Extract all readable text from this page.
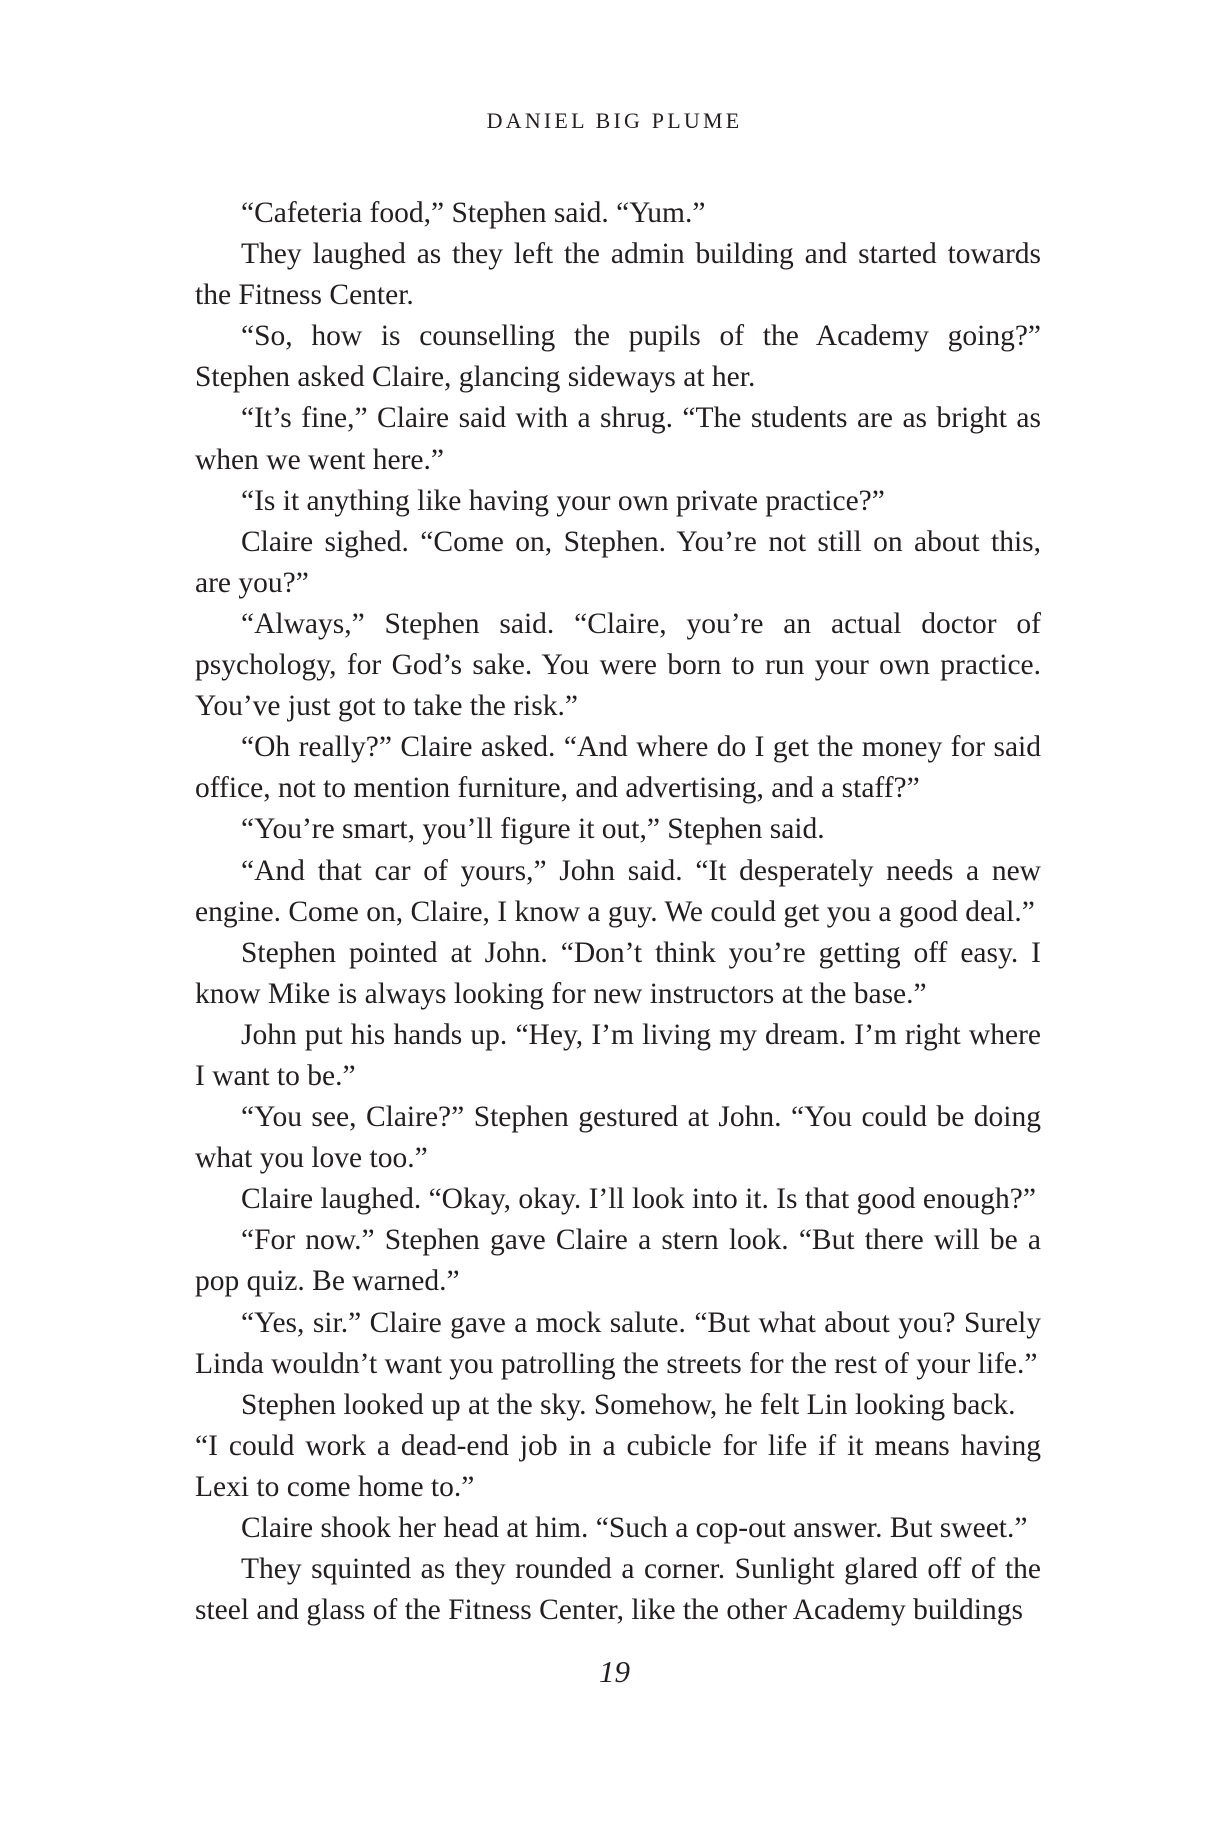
DANIEL BIG PLUME

“Cafeteria food,” Stephen said. “Yum.”

They laughed as they left the admin building and started towards the Fitness Center.

“So, how is counselling the pupils of the Academy going?” Stephen asked Claire, glancing sideways at her.

“It’s fine,” Claire said with a shrug. “The students are as bright as when we went here.”

“Is it anything like having your own private practice?”

Claire sighed. “Come on, Stephen. You’re not still on about this, are you?”

“Always,” Stephen said. “Claire, you’re an actual doctor of psychology, for God’s sake. You were born to run your own practice. You’ve just got to take the risk.”

“Oh really?” Claire asked. “And where do I get the money for said office, not to mention furniture, and advertising, and a staff?”

“You’re smart, you’ll figure it out,” Stephen said.

“And that car of yours,” John said. “It desperately needs a new engine. Come on, Claire, I know a guy. We could get you a good deal.”

Stephen pointed at John. “Don’t think you’re getting off easy. I know Mike is always looking for new instructors at the base.”

John put his hands up. “Hey, I’m living my dream. I’m right where I want to be.”

“You see, Claire?” Stephen gestured at John. “You could be doing what you love too.”

Claire laughed. “Okay, okay. I’ll look into it. Is that good enough?”

“For now.” Stephen gave Claire a stern look. “But there will be a pop quiz. Be warned.”

“Yes, sir.” Claire gave a mock salute. “But what about you? Surely Linda wouldn’t want you patrolling the streets for the rest of your life.”

Stephen looked up at the sky. Somehow, he felt Lin looking back.

“I could work a dead-end job in a cubicle for life if it means having Lexi to come home to.”

Claire shook her head at him. “Such a cop-out answer. But sweet.”

They squinted as they rounded a corner. Sunlight glared off of the steel and glass of the Fitness Center, like the other Academy buildings

19
